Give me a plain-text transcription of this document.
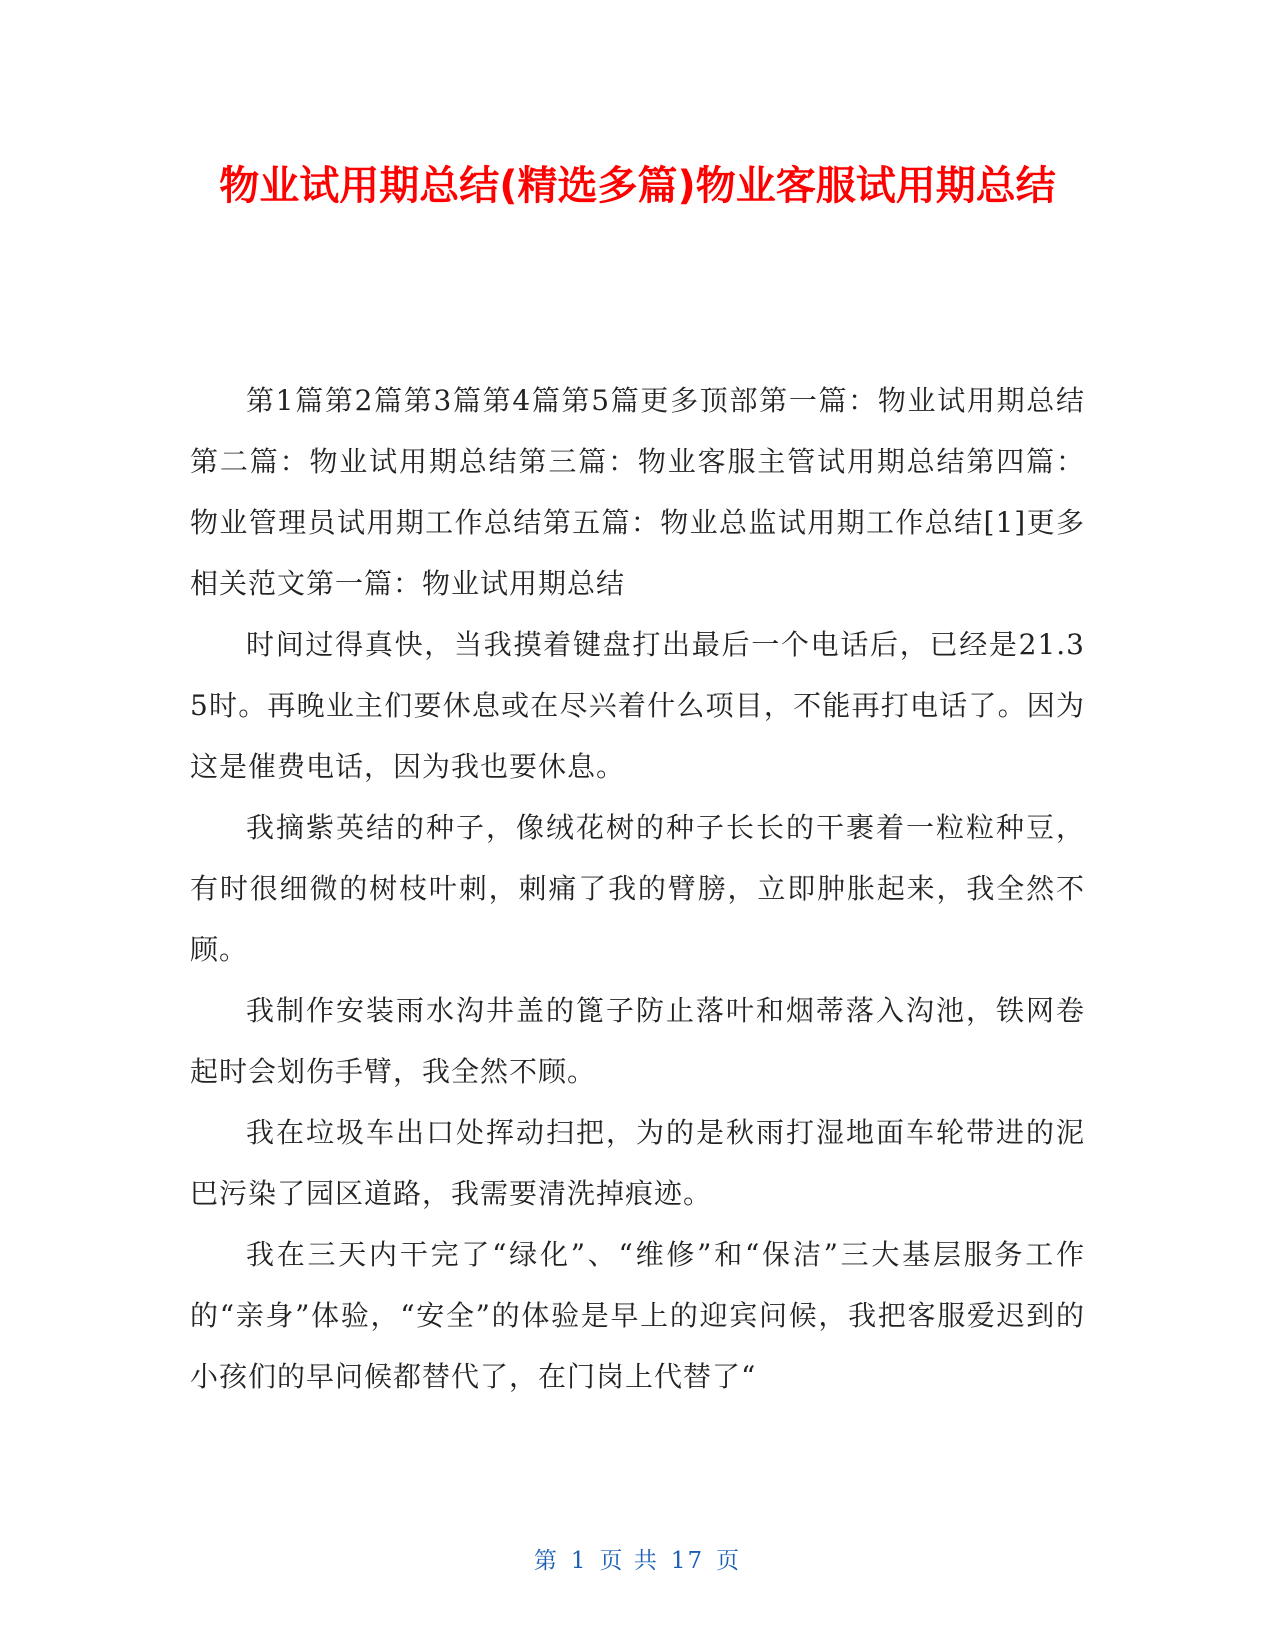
物业试用期总结(精选多篇)物业客服试用期总结

第1篇第2篇第3篇第4篇第5篇更多顶部第一篇：物业试用期总结第二篇：物业试用期总结第三篇：物业客服主管试用期总结第四篇：物业管理员试用期工作总结第五篇：物业总监试用期工作总结[1]更多相关范文第一篇：物业试用期总结

时间过得真快，当我摸着键盘打出最后一个电话后，已经是21.35时。再晚业主们要休息或在尽兴着什么项目，不能再打电话了。因为这是催费电话，因为我也要休息。

我摘紫英结的种子，像绒花树的种子长长的干裹着一粒粒种豆，有时很细微的树枝叶刺，刺痛了我的臂膀，立即肿胀起来，我全然不顾。

我制作安装雨水沟井盖的篦子防止落叶和烟蒂落入沟池，铁网卷起时会划伤手臂，我全然不顾。

我在垃圾车出口处挥动扫把，为的是秋雨打湿地面车轮带进的泥巴污染了园区道路，我需要清洗掉痕迹。

我在三天内干完了“绿化”、“维修”和“保洁”三大基层服务工作的“亲身”体验，“安全”的体验是早上的迎宾问候，我把客服爱迟到的小孩们的早问候都替代了，在门岗上代替了“

第 1 页 共 17 页
